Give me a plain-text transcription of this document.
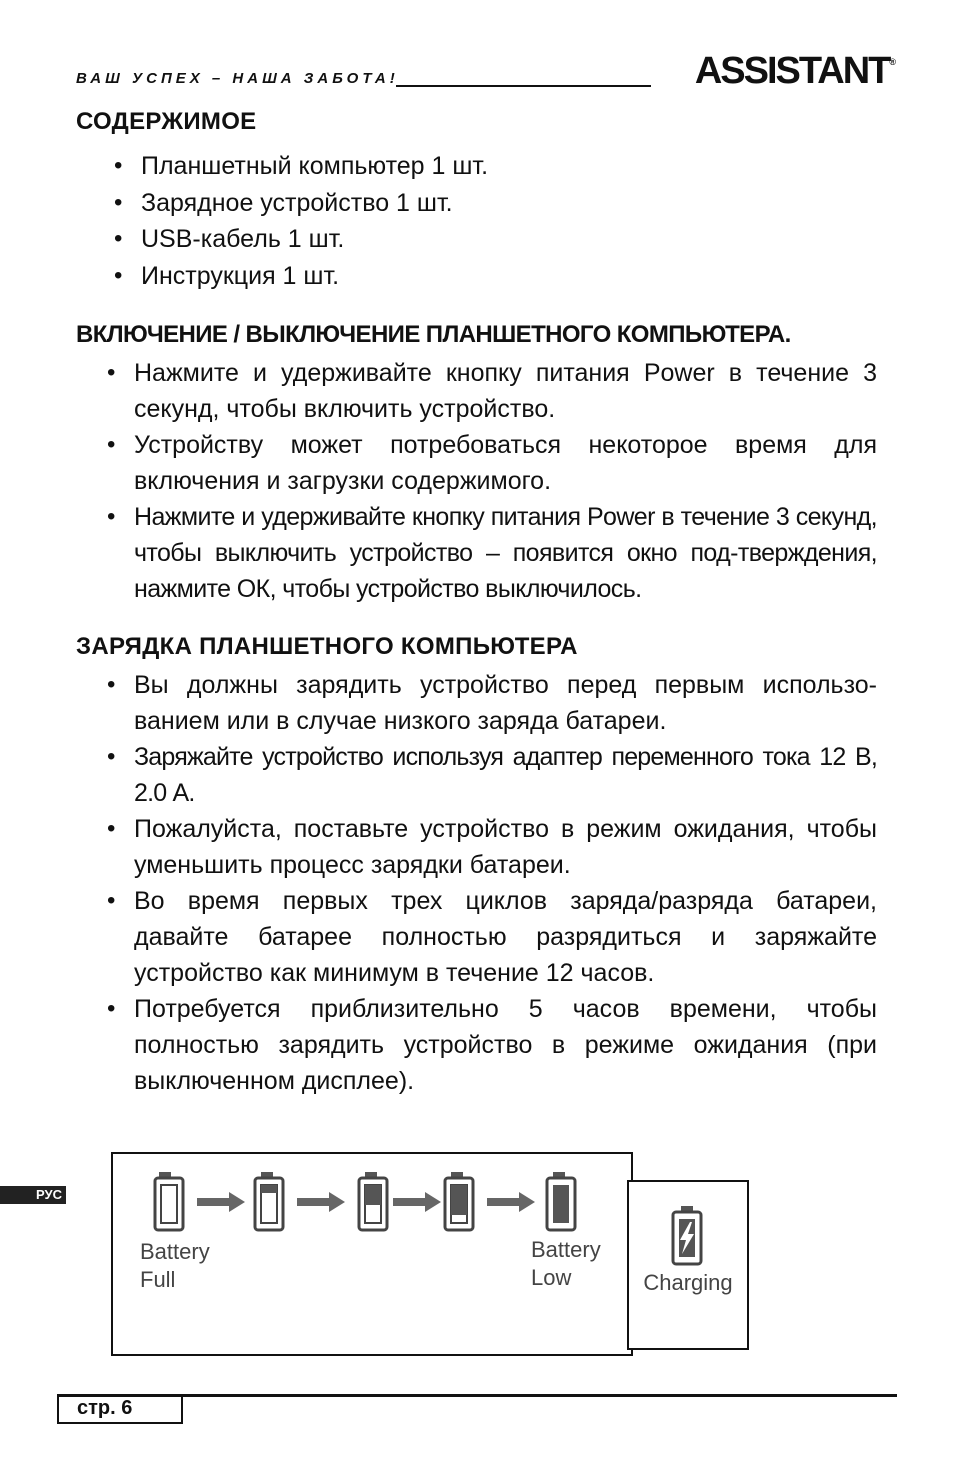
ВАШ УСПЕХ – НАША ЗАБОТА!	ASSISTANT®
СОДЕРЖИМОЕ
• Планшетный компьютер 1 шт.
• Зарядное устройство 1 шт.
• USB-кабель 1 шт.
• Инструкция 1 шт.
ВКЛЮЧЕНИЕ / ВЫКЛЮЧЕНИЕ ПЛАНШЕТНОГО КОМПЬЮТЕРА.
• Нажмите и удерживайте кнопку питания Power в течение 3 секунд, чтобы включить устройство.
• Устройству может потребоваться некоторое время для включения и загрузки содержимого.
• Нажмите и удерживайте кнопку питания Power в течение 3 секунд, чтобы выключить устройство – появится окно под-тверждения, нажмите ОК, чтобы устройство выключилось.
ЗАРЯДКА ПЛАНШЕТНОГО КОМПЬЮТЕРА
• Вы должны зарядить устройство перед первым использо-ванием или в случае низкого заряда батареи.
• Заряжайте устройство используя адаптер переменного тока 12 В, 2.0 А.
• Пожалуйста, поставьте устройство в режим ожидания, чтобы уменьшить процесс зарядки батареи.
• Во время первых трех циклов заряда/разряда батареи, давайте батарее полностью разрядиться и заряжайте устройство как минимум в течение 12 часов.
• Потребуется приблизительно 5 часов времени, чтобы полностью зарядить устройство в режиме ожидания (при выключенном дисплее).
Battery
Full
Battery
Low	Charging
РУС
стр. 6
